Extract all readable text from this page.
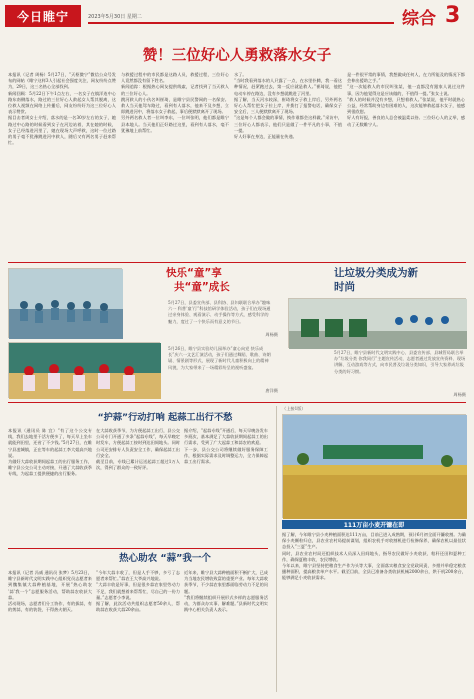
今日睢宁	2023年5月30日 星期二	综合 3
赞！三位好心人勇救落水女子
本报讯（记者 周杨）5月27日，“天枢微宁”微信公众号发布的网帖《睢宁这样3人引起社会强度关注，网友纷纷点赞为，29日，这三名热心全部找到。
新闻回顾：5月22日下午1点左右，一名女子在镇洋连中心路东南侧落水，路过的三位好心人救起女人帮其脱离，这位救人视频在网络上传播后，网友纷纷好为这三位好心人表示赞赏。
据目击者周女士介绍，落水的是一名30岁左右的女子，她路过中心路的时候看到女子在河边站着，其在她的时候，女子已经落进河里了，她在现场大声呼救，这时一位过路的男子毫不犹豫跳进河中救人，随后又有两名男子赶来帮忙。
与救援过程中的市民都是这路人员，救援过程，三位好心人竟然都没有留下姓名。
新闻追踪：根据热心网友提供线索，记者找到了当天救人的三位好心人。
跳河救人的小伙名叫崔琦，是睢宁县民警网的一名保安。救人当天他驾车路过，看到有人落水，他来不及多想，立即跳进河中，将落水女子救起，事后便默默离开了现场。
另外两名救人者一位叫李东，一位叫张明，他们都是睢宁县本地人。当天他们正好路过这里，看到有人落水，毫不犹豫地上前帮忙。
水了。
“当时我看到落水的人只露了一点，在水里扑腾，我一看这种情况，赶紧跑过去，第一反应就是救人。”崔琦说，他把电动车停在路边，没有多想就跳进了河里。
据了解，当天河水较深，崔琦将女子救上岸后，另外两名好心人帮忙把女子拉上岸，并拨打了报警电话，确保女子安全后，三人便默默离开了现场。
“这是每个人都会做的事情，换作谁都会这样做。”采访中，三位好心人都表示，他们只是做了一件平凡的小事，不值一提。
好人好事在身边，正能量在传递。
是一件很平常的事情，我想做成任何人，在力所能及的情况下都会伸出援助之手。”
“这一次能救人的市民叫张某，他一直都没有跟家人说过这件事，因为他觉得这是应该做的，不值得一提。”张女士说。
“救人的时候并没有多想，只想着救人。”张某说，他平时就热心公益，经常帮助身边有困难的人，这次能够救起落水女子，他感到很欣慰。
好人有好报，善良的人总会被温柔以待。三位好心人的义举，感动了无数睢宁人。
快乐“童”享
共“童”成长
5月27日，县委宣传部、县科协、县妇联联合举办“趣味六一 科普‘童’行”科技馆研学体验活动，孩子们在现场通过亲身体验、观看演示、动手操作等方式，感受科学的魅力，度过了一个快乐而有意义的节日。
周杨摄
5月26日，睢宁县实验幼儿园举办“童心向党 快乐成长”庆六一文艺汇演活动，孩子们通过舞蹈、歌曲、诗朗诵、情景剧等形式，展现了新时代儿童积极向上的精神风貌，为大家带来了一场精彩纷呈的视听盛宴。
唐洋摄
让垃圾分类成为新
时尚
5月27日，睢宁县新时代文明实践中心、县委宣传部、县城管局联合举办“垃圾分类 你我同行”主题宣传活动，志愿者通过发放宣传资料、现场讲解、互动游戏等方式，向市民普及垃圾分类知识，引导大家养成垃圾分类的好习惯。
周杨摄
“护蒜”行动打响 起蒜工出行不愁
本报讯（通讯员 陈 宜）“有了这个公交专线，我们去地里干活方便多了，每天早上坐车就能到田里，还省了不少钱。”5月27日，在睢宁县凌城镇，正在等车的起蒜工李大姐高兴地说。
为做好大蒜收获期间起蒜工的出行服务工作，睢宁县公交公司主动对接，开通了大蒜收获季专线，为起蒜工提供便捷的出行服务。
在大蒜收获季节，为方便起蒜工出行，县公交公司专门开通了多条“起蒜专线”，每天早晚定时发车，方便起蒜工按时到达田间地头。同时公司还安排专人负责安全工作，确保起蒜工出行安全。
截至目前，专线已累计运送起蒜工超过1万人次，得到了群众的一致好评。
据介绍，“起蒜专线”开通后，每天早晚各发车多班次，基本满足了大蒜收获期间起蒜工的出行需求，受到了广大起蒜工和蒜农的欢迎。
下一步，县公交公司将继续做好服务保障工作，根据实际需求及时调整运力，全力保障起蒜工出行需求。
热心助农 “蒜”我一个
本报讯（记者 冯威 通讯员 张梦）5月23日，睢宁县新时代文明实践中心组织党员志愿者来到魏集镇大蒜种植基地，开展“热心助农 ‘蒜’我一个”志愿服务活动，帮助蒜农收获大蒜。
活动现场，志愿者们分工协作，有的拔蒜，有的剪蒜，有的装袋，干得热火朝天。
“今年大蒜丰收了，但是人手不够，多亏了志愿者来帮忙。”蒜农王大爷高兴地说。
“大蒜丰收是好事，但是很多蒜农家里劳动力不足，我们就想着来帮帮忙，尽自己的一份力量。”志愿者小李说。
据了解，此次活动共组织志愿者50余人，帮助蒜农收获大蒜20余亩。
近年来，睢宁县大蒜种植面积不断扩大，已成为当地农民增收致富的重要产业。每年大蒜收获季节，不少蒜农家里都面临劳动力不足的问题。
“我们将继续组织开展形式多样的志愿服务活动，为群众办实事、解难题。”县新时代文明实践中心相关负责人表示。
（上接1版）
111万亩小麦开镰在即
据了解，今年睢宁县小麦种植面积达111万亩，目前已进入成熟期，预计6月初全面开镰收割。为确保小麦颗粒归仓，县农业农村局提前谋划，组织农机手对收割机进行检修保养，确保农机以最佳状态投入“三夏”生产。
同时，县农业农村局还组织技术人员深入田间地头，指导农民做好小麦收获、秸秆还田和夏种工作，确保夏粮丰收、农民增收。
今年以来，睢宁县坚持把粮食生产作为头等大事，全面落实粮食安全党政同责，多措并举稳定粮食播种面积，提高粮食单产水平。截至目前，全县已准备各类收获机械2000余台，烘干机200余台，能够满足小麦收获需求。
